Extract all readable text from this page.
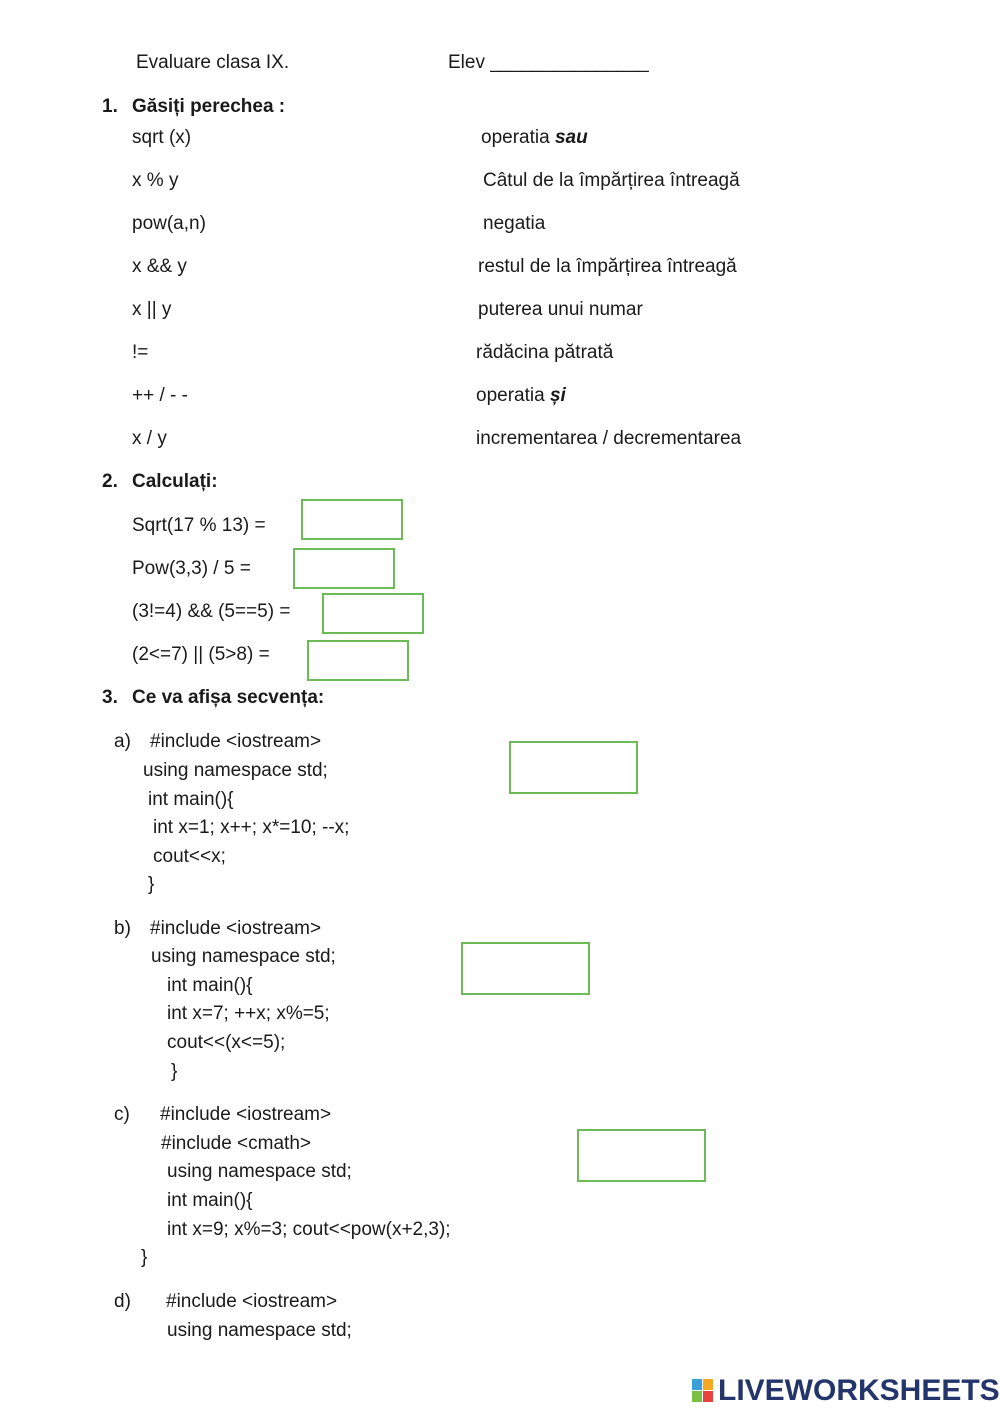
Evaluare clasa IX.	Elev _______________
1. Găsiți perechea :
sqrt (x)
x % y
pow(a,n)
x && y
x || y
!=
++ / - -
x / y
operatia sau
Câtul de la împărțirea întreagă
negatia
restul de la împărțirea întreagă
puterea unui numar
rădăcina pătrată
operatia și
incrementarea / decrementarea
2. Calculați:
Sqrt(17 % 13) =
Pow(3,3) / 5 =
(3!=4) && (5==5) =
(2<=7) || (5>8) =
3. Ce va afișa secvența:
a) #include <iostream>
using namespace std;
int main(){
int x=1; x++; x*=10; --x;
cout<<x;
}
b) #include <iostream>
using namespace std;
int main(){
int x=7; ++x; x%=5;
cout<<(x<=5);
}
c) #include <iostream>
#include <cmath>
using namespace std;
int main(){
int x=9; x%=3; cout<<pow(x+2,3);
}
d) #include <iostream>
using namespace std;
LIVEWORKSHEETS
